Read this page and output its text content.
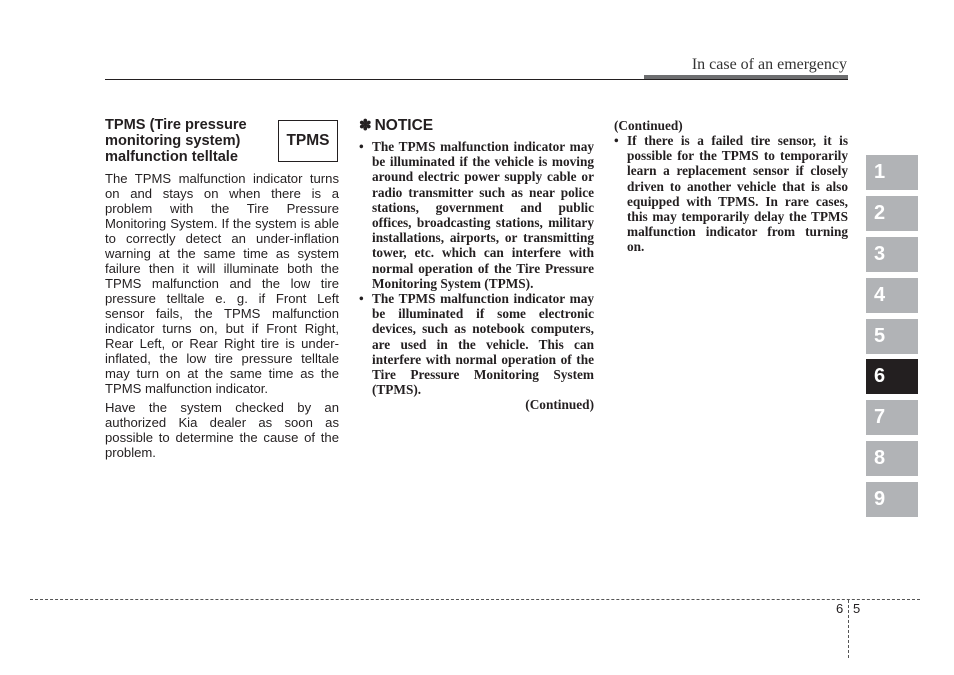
In case of an emergency
TPMS (Tire pressure monitoring system) malfunction telltale

The TPMS malfunction indicator turns on and stays on when there is a problem with the Tire Pressure Monitoring System. If the system is able to correctly detect an under-inflation warning at the same time as system failure then it will illuminate both the TPMS malfunction and the low tire pressure telltale e. g. if Front Left sensor fails, the TPMS malfunction indicator turns on, but if Front Right, Rear Left, or Rear Right tire is under-inflated, the low tire pressure telltale may turn on at the same time as the TPMS malfunction indicator.

Have the system checked by an authorized Kia dealer as soon as possible to determine the cause of the problem.

TPMS
✽ NOTICE
• The TPMS malfunction indicator may be illuminated if the vehicle is moving around electric power supply cable or radio transmitter such as near police stations, government and public offices, broadcasting stations, military installations, airports, or transmitting tower, etc. which can interfere with normal operation of the Tire Pressure Monitoring System (TPMS).
• The TPMS malfunction indicator may be illuminated if some electronic devices, such as notebook computers, are used in the vehicle. This can interfere with normal operation of the Tire Pressure Monitoring System (TPMS).
(Continued)
(Continued)
• If there is a failed tire sensor, it is possible for the TPMS to temporarily learn a replacement sensor if closely driven to another vehicle that is also equipped with TPMS. In rare cases, this may temporarily delay the TPMS malfunction indicator from turning on.
1
2
3
4
5
6
7
8
9
6 5
